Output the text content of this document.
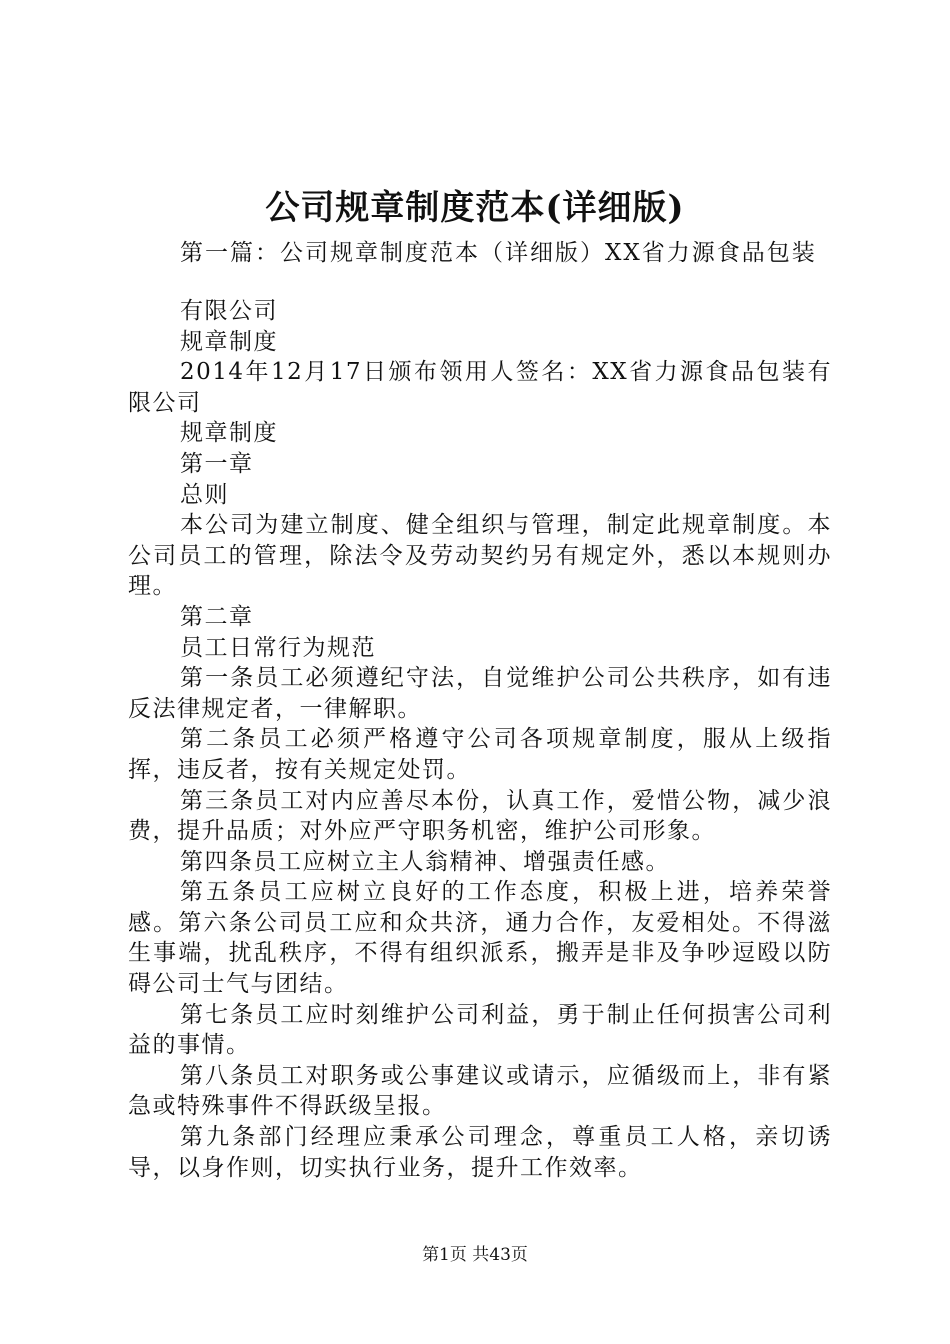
公司规章制度范本(详细版)

第一篇：公司规章制度范本（详细版）XX省力源食品包装

有限公司

规章制度

2014年12月17日颁布领用人签名：XX省力源食品包装有限公司

规章制度

第一章

总则

本公司为建立制度、健全组织与管理，制定此规章制度。本公司员工的管理，除法令及劳动契约另有规定外，悉以本规则办理。

第二章

员工日常行为规范

第一条员工必须遵纪守法，自觉维护公司公共秩序，如有违反法律规定者，一律解职。

第二条员工必须严格遵守公司各项规章制度，服从上级指挥，违反者，按有关规定处罚。

第三条员工对内应善尽本份，认真工作，爱惜公物，减少浪费，提升品质；对外应严守职务机密，维护公司形象。

第四条员工应树立主人翁精神、增强责任感。

第五条员工应树立良好的工作态度，积极上进，培养荣誉感。第六条公司员工应和众共济，通力合作，友爱相处。不得滋生事端，扰乱秩序，不得有组织派系，搬弄是非及争吵逗殴以防碍公司士气与团结。

第七条员工应时刻维护公司利益，勇于制止任何损害公司利益的事情。

第八条员工对职务或公事建议或请示，应循级而上，非有紧急或特殊事件不得跃级呈报。

第九条部门经理应秉承公司理念，尊重员工人格，亲切诱导，以身作则，切实执行业务，提升工作效率。

第1页 共43页
